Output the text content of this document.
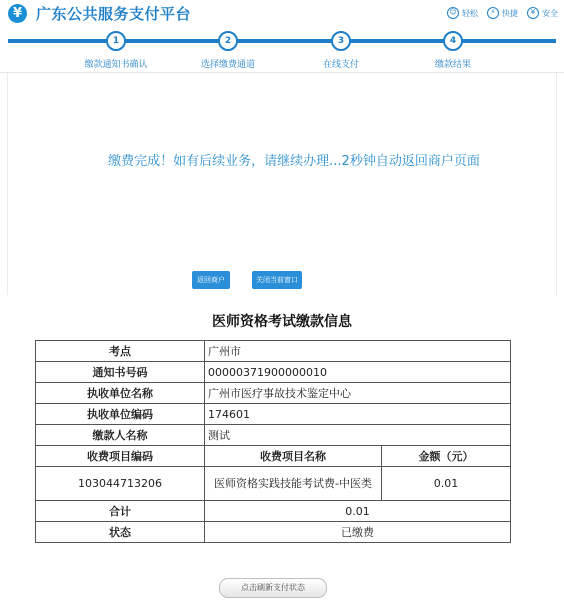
¥ 广东公共服务支付平台	☺ 轻松	⚡ 快捷	¥ 安全
1
缴款通知书确认
2
选择缴费通道
3
在线支付
4
缴款结果
缴费完成！如有后续业务，请继续办理...2秒钟自动返回商户页面
返回商户	关闭当前窗口
医师资格考试缴款信息
考点	广州市	
通知书号码	00000371900000010	
执收单位名称	广州市医疗事故技术鉴定中心	
执收单位编码	174601	
缴款人名称	测试	
收费项目编码	收费项目名称	金额（元）
103044713206	医师资格实践技能考试费-中医类	0.01
合计	0.01	
状态	已缴费	
点击刷新支付状态
